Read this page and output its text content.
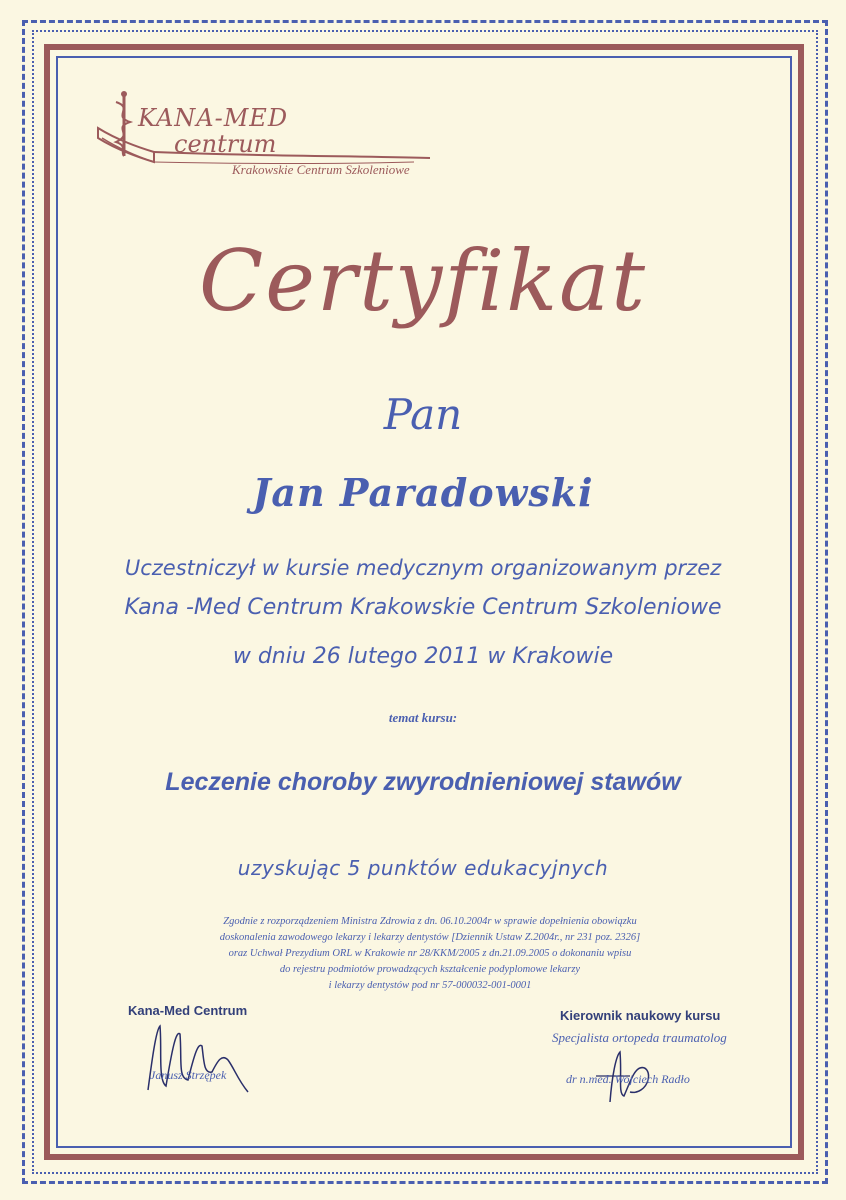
KANA-MED
centrum
Krakowskie Centrum Szkoleniowe
Certyfikat
Pan
Jan Paradowski
Uczestniczył w kursie medycznym organizowanym przez
Kana -Med Centrum Krakowskie Centrum Szkoleniowe
w dniu 26 lutego 2011 w Krakowie
temat kursu:
Leczenie choroby zwyrodnieniowej stawów
uzyskując 5 punktów edukacyjnych
Zgodnie z rozporządzeniem Ministra Zdrowia z dn. 06.10.2004r w sprawie dopełnienia obowiązku
doskonalenia zawodowego lekarzy i lekarzy dentystów [Dziennik Ustaw Z.2004r., nr 231 poz. 2326]
oraz Uchwał Prezydium ORL w Krakowie nr 28/KKM/2005 z dn.21.09.2005 o dokonaniu wpisu
do rejestru podmiotów prowadzących kształcenie podyplomowe lekarzy
i lekarzy dentystów pod nr 57-000032-001-0001
Kana-Med Centrum
Janusz Strzępek
Kierownik naukowy kursu
Specjalista ortopeda traumatolog
dr n.med. Wojciech Radło
